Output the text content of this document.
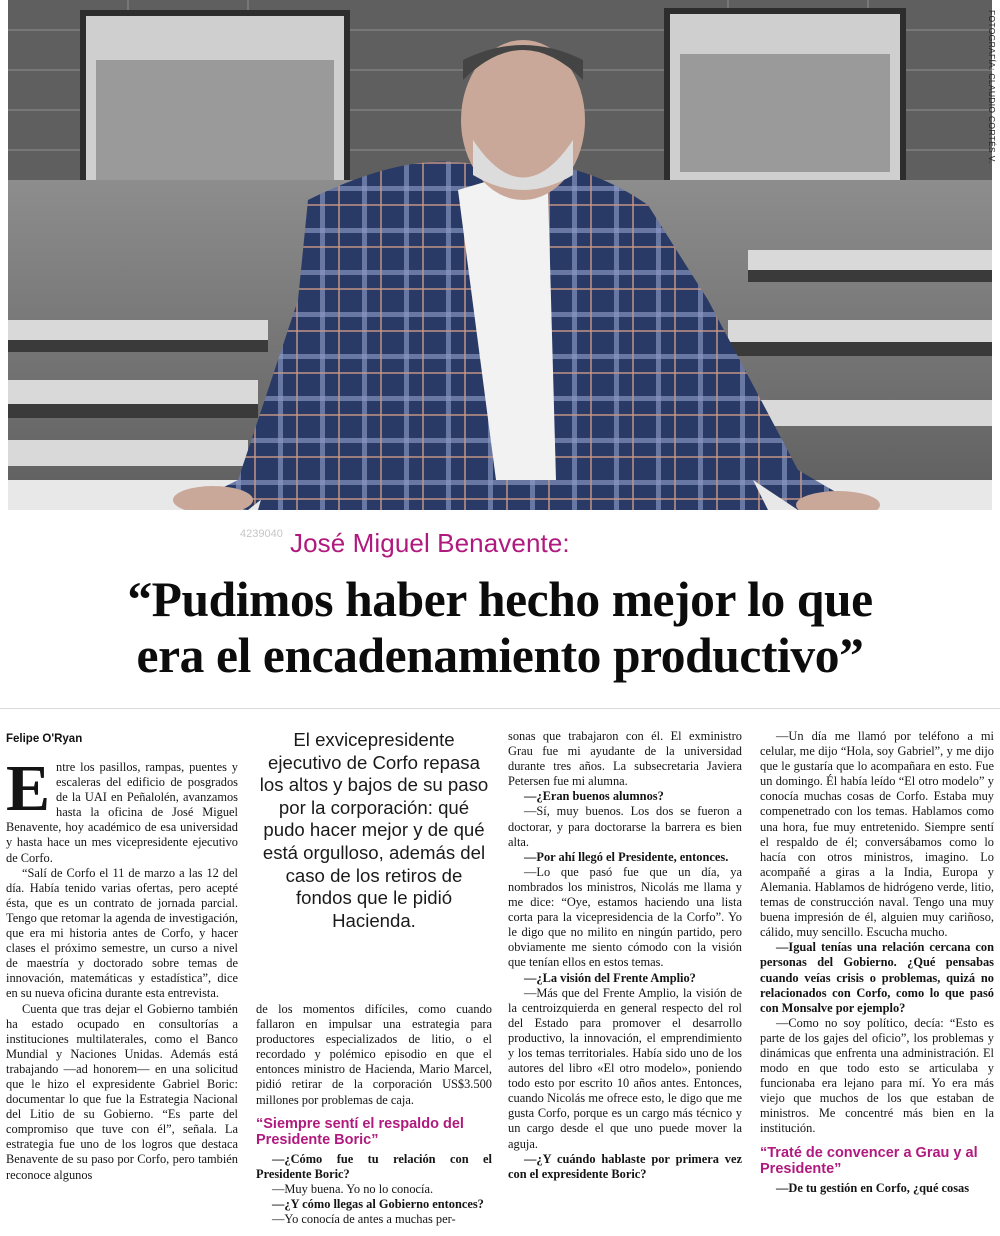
FOTOGRAFÍA: CLAUDIO CORTÉS V.
4239040 José Miguel Benavente:
“Pudimos haber hecho mejor lo que
era el encadenamiento productivo”
Felipe O'Ryan

Entre los pasillos, rampas, puentes y escaleras del edificio de posgrados de la UAI en Peñalolén, avanzamos hasta la oficina de José Miguel Benavente, hoy académico de esa universidad y hasta hace un mes vicepresidente ejecutivo de Corfo.

“Salí de Corfo el 11 de marzo a las 12 del día. Había tenido varias ofertas, pero acepté ésta, que es un contrato de jornada parcial. Tengo que retomar la agenda de investigación, que era mi historia antes de Corfo, y hacer clases el próximo semestre, un curso a nivel de maestría y doctorado sobre temas de innovación, matemáticas y estadística”, dice en su nueva oficina durante esta entrevista.

Cuenta que tras dejar el Gobierno también ha estado ocupado en consultorías a instituciones multilaterales, como el Banco Mundial y Naciones Unidas. Además está trabajando —ad honorem— en una solicitud que le hizo el expresidente Gabriel Boric: documentar lo que fue la Estrategia Nacional del Litio de su Gobierno. “Es parte del compromiso que tuve con él”, señala. La estrategia fue uno de los logros que destaca Benavente de su paso por Corfo, pero también reconoce algunos

El exvicepresidente ejecutivo de Corfo repasa los altos y bajos de su paso por la corporación: qué pudo hacer mejor y de qué está orgulloso, además del caso de los retiros de fondos que le pidió Hacienda.

de los momentos difíciles, como cuando fallaron en impulsar una estrategia para productores especializados de litio, o el recordado y polémico episodio en que el entonces ministro de Hacienda, Mario Marcel, pidió retirar de la corporación US$3.500 millones por problemas de caja.

“Siempre sentí el respaldo del Presidente Boric”

—¿Cómo fue tu relación con el Presidente Boric?

—Muy buena. Yo no lo conocía.

—¿Y cómo llegas al Gobierno entonces?

—Yo conocía de antes a muchas per-

sonas que trabajaron con él. El exministro Grau fue mi ayudante de la universidad durante tres años. La subsecretaria Javiera Petersen fue mi alumna.

—¿Eran buenos alumnos?

—Sí, muy buenos. Los dos se fueron a doctorar, y para doctorarse la barrera es bien alta.

—Por ahí llegó el Presidente, entonces.

—Lo que pasó fue que un día, ya nombrados los ministros, Nicolás me llama y me dice: “Oye, estamos haciendo una lista corta para la vicepresidencia de la Corfo”. Yo le digo que no milito en ningún partido, pero obviamente me siento cómodo con la visión que tenían ellos en estos temas.

—¿La visión del Frente Amplio?

—Más que del Frente Amplio, la visión de la centroizquierda en general respecto del rol del Estado para promover el desarrollo productivo, la innovación, el emprendimiento y los temas territoriales. Había sido uno de los autores del libro «El otro modelo», poniendo todo esto por escrito 10 años antes. Entonces, cuando Nicolás me ofrece esto, le digo que me gusta Corfo, porque es un cargo más técnico y un cargo desde el que uno puede mover la aguja.

—¿Y cuándo hablaste por primera vez con el expresidente Boric?

—Un día me llamó por teléfono a mi celular, me dijo “Hola, soy Gabriel”, y me dijo que le gustaría que lo acompañara en esto. Fue un domingo. Él había leído “El otro modelo” y conocía muchas cosas de Corfo. Estaba muy compenetrado con los temas. Hablamos como una hora, fue muy entretenido. Siempre sentí el respaldo de él; conversábamos como lo hacía con otros ministros, imagino. Lo acompañé a giras a la India, Europa y Alemania. Hablamos de hidrógeno verde, litio, temas de construcción naval. Tengo una muy buena impresión de él, alguien muy cariñoso, cálido, muy sencillo. Escucha mucho.

—Igual tenías una relación cercana con personas del Gobierno. ¿Qué pensabas cuando veías crisis o problemas, quizá no relacionados con Corfo, como lo que pasó con Monsalve por ejemplo?

—Como no soy político, decía: “Esto es parte de los gajes del oficio”, los problemas y dinámicas que enfrenta una administración. El modo en que todo esto se articulaba y funcionaba era lejano para mí. Yo era más viejo que muchos de los que estaban de ministros. Me concentré más bien en la institución.

“Traté de convencer a Grau y al Presidente”

—De tu gestión en Corfo, ¿qué cosas
